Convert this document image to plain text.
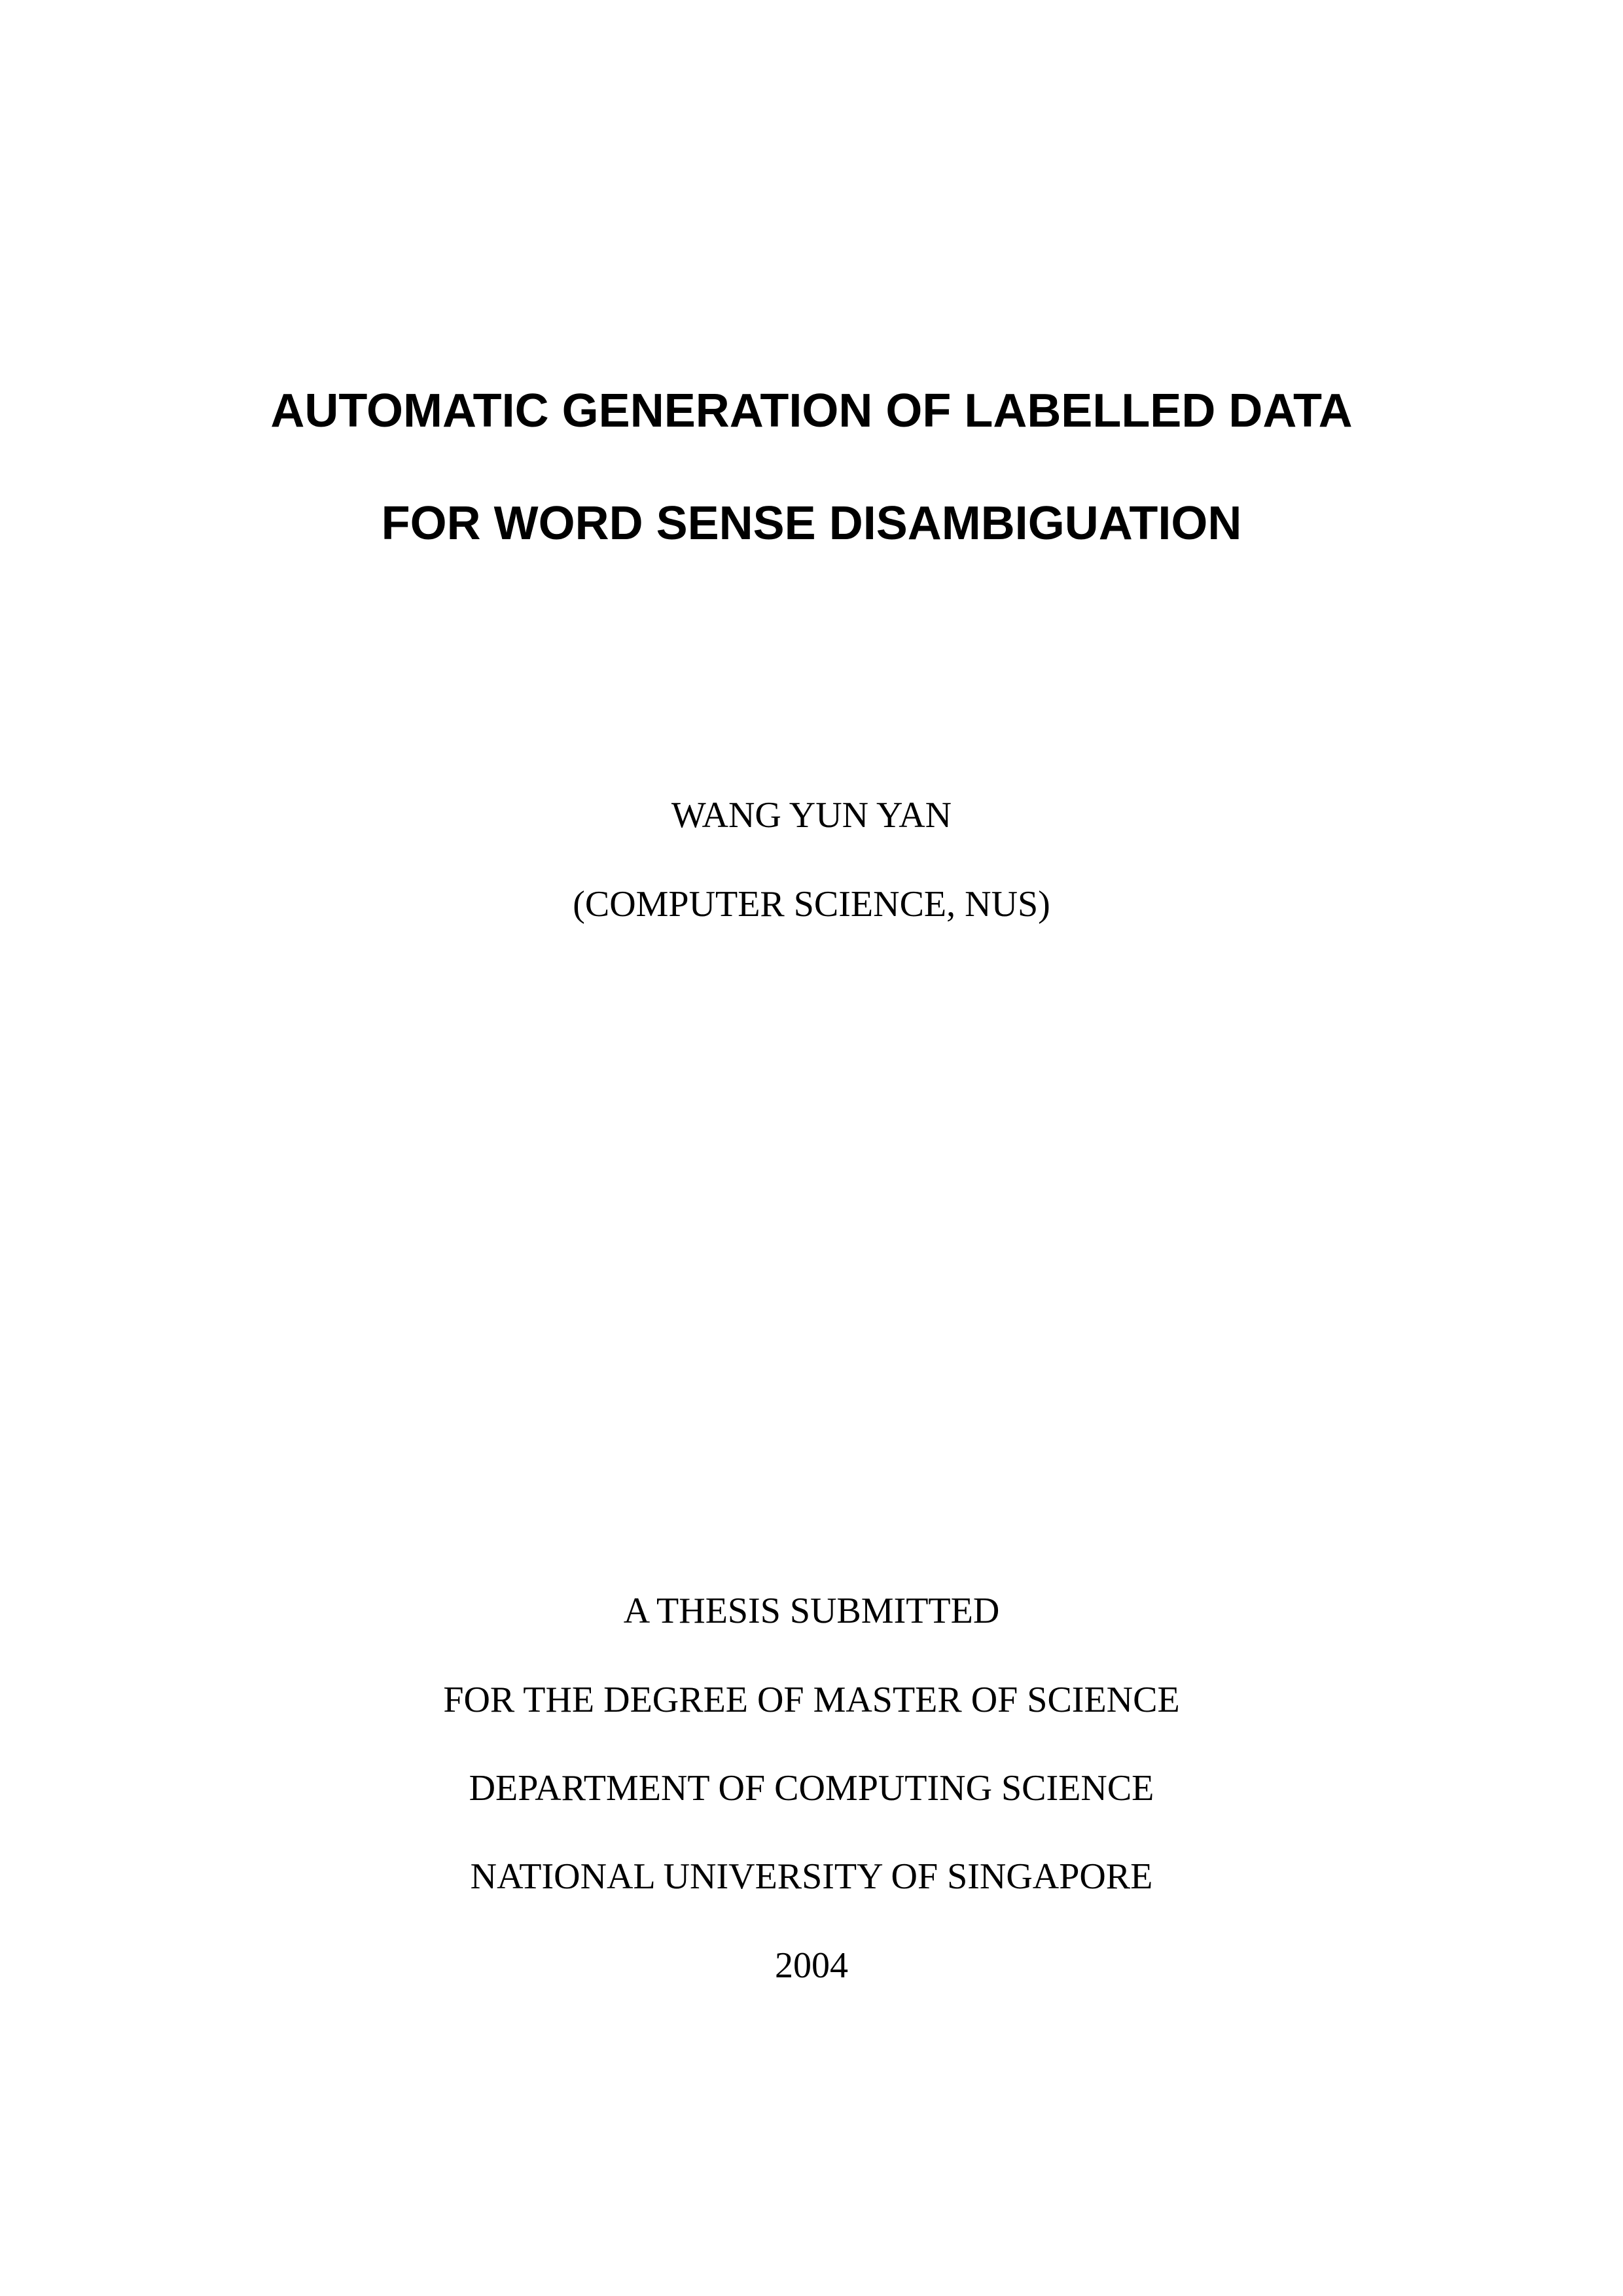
AUTOMATIC GENERATION OF LABELLED DATA
FOR WORD SENSE DISAMBIGUATION
WANG YUN YAN
(COMPUTER SCIENCE, NUS)
A THESIS SUBMITTED
FOR THE DEGREE OF MASTER OF SCIENCE
DEPARTMENT OF COMPUTING SCIENCE
NATIONAL UNIVERSITY OF SINGAPORE
2004
